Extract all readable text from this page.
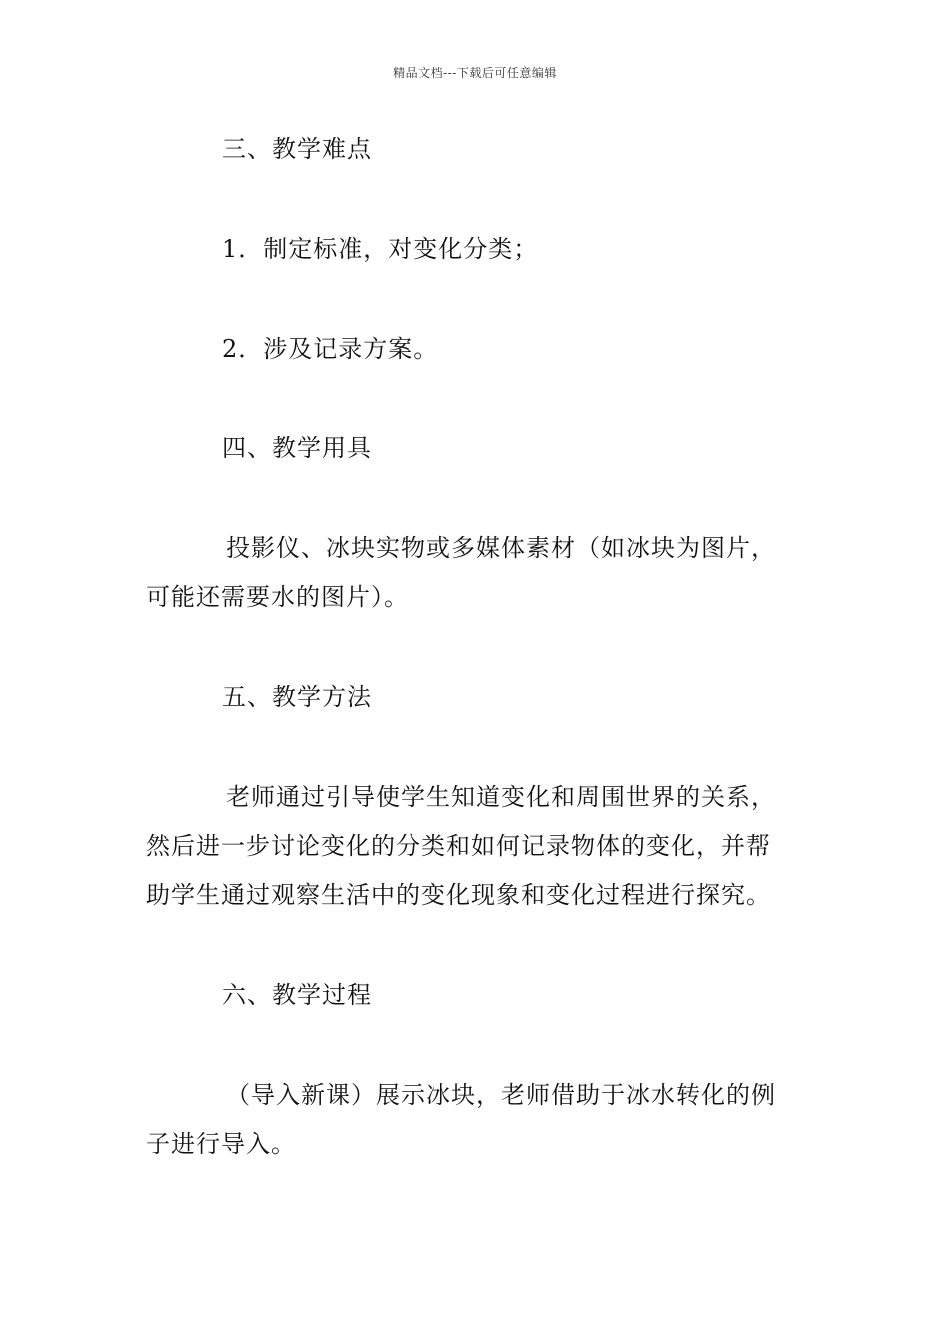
精品文档---下载后可任意编辑
三、教学难点
1．制定标准，对变化分类；
2．涉及记录方案。
四、教学用具
投影仪、冰块实物或多媒体素材（如冰块为图片，
可能还需要水的图片）。
五、教学方法
老师通过引导使学生知道变化和周围世界的关系，
然后进一步讨论变化的分类和如何记录物体的变化，并帮
助学生通过观察生活中的变化现象和变化过程进行探究。
六、教学过程
（导入新课）展示冰块，老师借助于冰水转化的例
子进行导入。
